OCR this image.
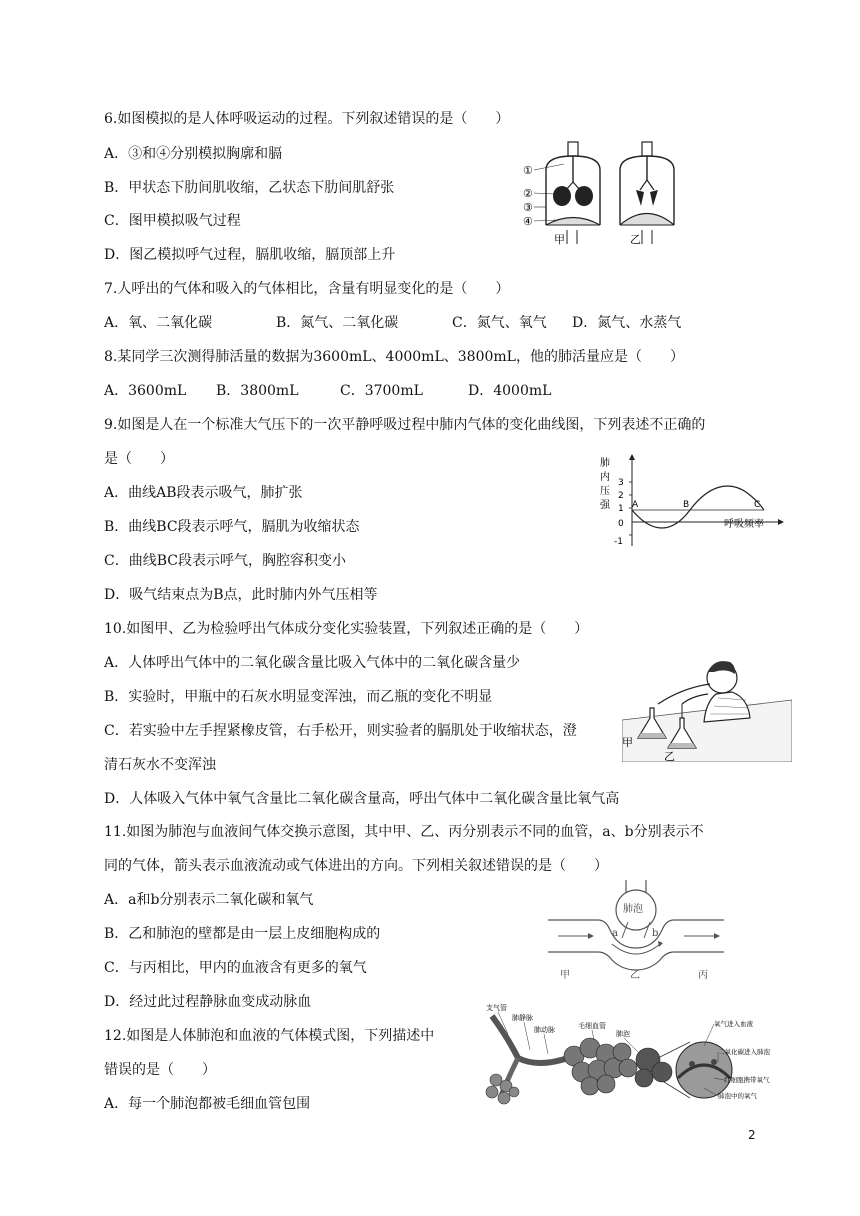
6.如图模拟的是人体呼吸运动的过程。下列叙述错误的是（　　）
A．③和④分别模拟胸廓和膈
B．甲状态下肋间肌收缩，乙状态下肋间肌舒张
C．图甲模拟吸气过程
D．图乙模拟呼气过程，膈肌收缩，膈顶部上升
①
②
③
④
甲	乙
7.人呼出的气体和吸入的气体相比，含量有明显变化的是（　　）
A．氧、二氧化碳	B．氮气、二氧化碳	C．氮气、氧气 D．氮气、水蒸气
8.某同学三次测得肺活量的数据为3600mL、4000mL、3800mL，他的肺活量应是（　　）
A．3600mL B．3800mL	C．3700mL	D．4000mL
9.如图是人在一个标准大气压下的一次平静呼吸过程中肺内气体的变化曲线图，下列表述不正确的
是（　　）
A．曲线AB段表示吸气，肺扩张
B．曲线BC段表示呼气，膈肌为收缩状态
C．曲线BC段表示呼气，胸腔容积变小
D．吸气结束点为B点，此时肺内外气压相等
肺
内
压
强
3
2
1
0
-1
A	B	C
呼吸频率
10.如图甲、乙为检验呼出气体成分变化实验装置，下列叙述正确的是（　　）
A．人体呼出气体中的二氧化碳含量比吸入气体中的二氧化碳含量少
B．实验时，甲瓶中的石灰水明显变浑浊，而乙瓶的变化不明显
C．若实验中左手捏紧橡皮管，右手松开，则实验者的膈肌处于收缩状态，澄
清石灰水不变浑浊
D．人体吸入气体中氧气含量比二氧化碳含量高，呼出气体中二氧化碳含量比氧气高
甲
乙
11.如图为肺泡与血液间气体交换示意图，其中甲、乙、丙分别表示不同的血管，a、b分别表示不
同的气体，箭头表示血液流动或气体进出的方向。下列相关叙述错误的是（　　）
A．a和b分别表示二氧化碳和氧气
B．乙和肺泡的壁都是由一层上皮细胞构成的
C．与丙相比，甲内的血液含有更多的氧气
D．经过此过程静脉血变成动脉血
肺泡
a	b
甲	乙	丙
12.如图是人体肺泡和血液的气体模式图，下列描述中
错误的是（　　）
A．每一个肺泡都被毛细血管包围
支气管
肺静脉
肺动脉	毛细血管
肺泡
氧气进入血液
二氧化碳进入肺泡
红细胞携带氧气
肺泡中的氧气
2
